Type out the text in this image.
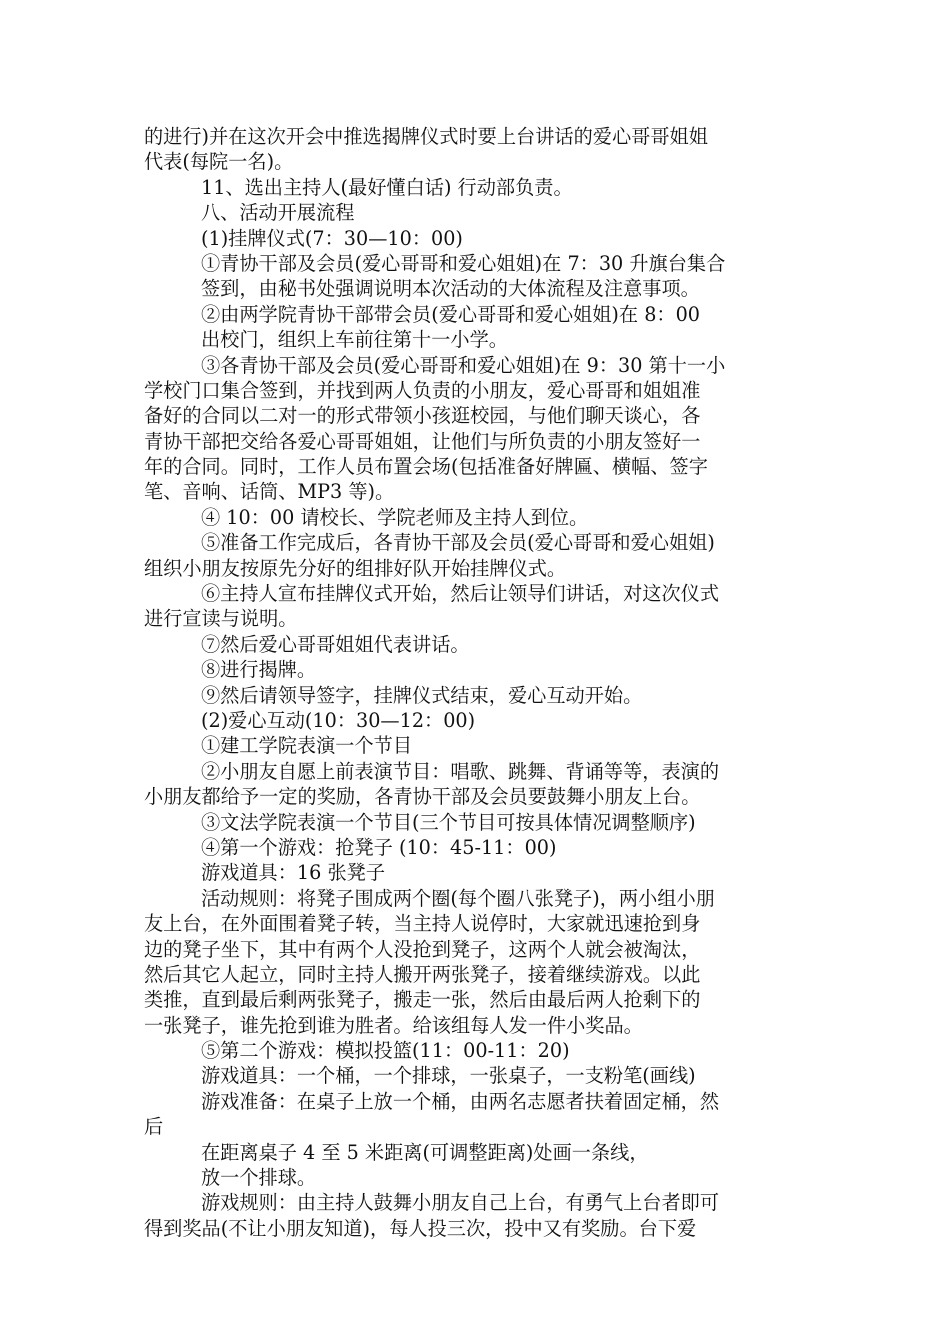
的进行)并在这次开会中推选揭牌仪式时要上台讲话的爱心哥哥姐姐
代表(每院一名)。
11、选出主持人(最好懂白话) 行动部负责。
八、活动开展流程
(1)挂牌仪式(7：30—10：00)
①青协干部及会员(爱心哥哥和爱心姐姐)在 7：30 升旗台集合
签到，由秘书处强调说明本次活动的大体流程及注意事项。
②由两学院青协干部带会员(爱心哥哥和爱心姐姐)在 8：00
出校门，组织上车前往第十一小学。
③各青协干部及会员(爱心哥哥和爱心姐姐)在 9：30 第十一小
学校门口集合签到，并找到两人负责的小朋友，爱心哥哥和姐姐准
备好的合同以二对一的形式带领小孩逛校园，与他们聊天谈心，各
青协干部把交给各爱心哥哥姐姐，让他们与所负责的小朋友签好一
年的合同。同时，工作人员布置会场(包括准备好牌匾、横幅、签字
笔、音响、话筒、MP3 等)。
④ 10：00 请校长、学院老师及主持人到位。
⑤准备工作完成后，各青协干部及会员(爱心哥哥和爱心姐姐)
组织小朋友按原先分好的组排好队开始挂牌仪式。
⑥主持人宣布挂牌仪式开始，然后让领导们讲话，对这次仪式
进行宣读与说明。
⑦然后爱心哥哥姐姐代表讲话。
⑧进行揭牌。
⑨然后请领导签字，挂牌仪式结束，爱心互动开始。
(2)爱心互动(10：30—12：00)
①建工学院表演一个节目
②小朋友自愿上前表演节目：唱歌、跳舞、背诵等等，表演的
小朋友都给予一定的奖励，各青协干部及会员要鼓舞小朋友上台。
③文法学院表演一个节目(三个节目可按具体情况调整顺序)
④第一个游戏：抢凳子 (10：45-11：00)
游戏道具：16 张凳子
活动规则：将凳子围成两个圈(每个圈八张凳子)，两小组小朋
友上台，在外面围着凳子转，当主持人说停时，大家就迅速抢到身
边的凳子坐下，其中有两个人没抢到凳子，这两个人就会被淘汰，
然后其它人起立，同时主持人搬开两张凳子，接着继续游戏。以此
类推，直到最后剩两张凳子，搬走一张，然后由最后两人抢剩下的
一张凳子，谁先抢到谁为胜者。给该组每人发一件小奖品。
⑤第二个游戏：模拟投篮(11：00-11：20)
游戏道具：一个桶，一个排球，一张桌子，一支粉笔(画线)
游戏准备：在桌子上放一个桶，由两名志愿者扶着固定桶，然
后
在距离桌子 4 至 5 米距离(可调整距离)处画一条线，
放一个排球。
游戏规则：由主持人鼓舞小朋友自己上台，有勇气上台者即可
得到奖品(不让小朋友知道)，每人投三次，投中又有奖励。台下爱
